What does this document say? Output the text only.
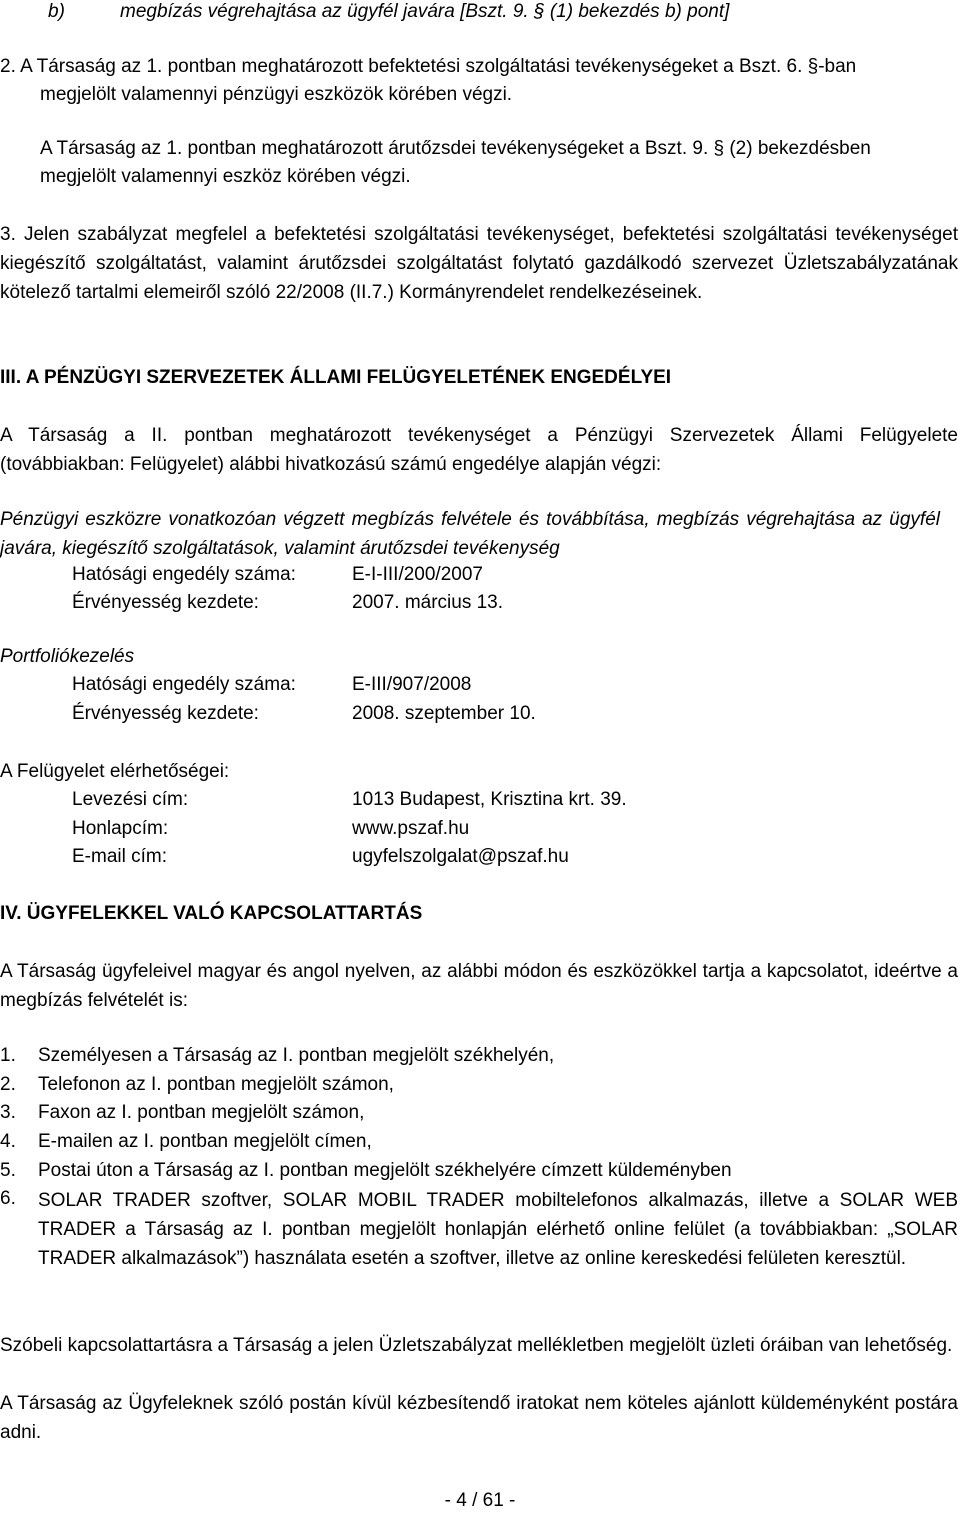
b)	megbízás végrehajtása az ügyfél javára [Bszt. 9. § (1) bekezdés b) pont]
2. A Társaság az 1. pontban meghatározott befektetési szolgáltatási tevékenységeket a Bszt. 6. §-ban
megjelölt valamennyi pénzügyi eszközök körében végzi.
A Társaság az 1. pontban meghatározott árutőzsdei tevékenységeket a Bszt. 9. § (2) bekezdésben
megjelölt valamennyi eszköz körében végzi.

3. Jelen szabályzat megfelel a befektetési szolgáltatási tevékenységet, befektetési szolgáltatási tevékenységet kiegészítő szolgáltatást, valamint árutőzsdei szolgáltatást folytató gazdálkodó szervezet Üzletszabályzatának kötelező tartalmi elemeiről szóló 22/2008 (II.7.) Kormányrendelet rendelkezéseinek.

III. A PÉNZÜGYI SZERVEZETEK ÁLLAMI FELÜGYELETÉNEK ENGEDÉLYEI

A Társaság a II. pontban meghatározott tevékenységet a Pénzügyi Szervezetek Állami Felügyelete (továbbiakban: Felügyelet) alábbi hivatkozású számú engedélye alapján végzi:

Pénzügyi eszközre vonatkozóan végzett megbízás felvétele és továbbítása, megbízás végrehajtása az ügyfél javára, kiegészítő szolgáltatások, valamint árutőzsdei tevékenység

Hatósági engedély száma:	E-I-III/200/2007
Érvényesség kezdete:	2007. március 13.
Portfoliókezelés
Hatósági engedély száma:	E-III/907/2008
Érvényesség kezdete:	2008. szeptember 10.
A Felügyelet elérhetőségei:
Levezési cím:	1013 Budapest, Krisztina krt. 39.
Honlapcím:	www.pszaf.hu
E-mail cím:	ugyfelszolgalat@pszaf.hu
IV. ÜGYFELEKKEL VALÓ KAPCSOLATTARTÁS

A Társaság ügyfeleivel magyar és angol nyelven, az alábbi módon és eszközökkel tartja a kapcsolatot, ideértve a megbízás felvételét is:

1. Személyesen a Társaság az I. pontban megjelölt székhelyén,
2. Telefonon az I. pontban megjelölt számon,
3. Faxon az I. pontban megjelölt számon,
4. E-mailen az I. pontban megjelölt címen,
5. Postai úton a Társaság az I. pontban megjelölt székhelyére címzett küldeményben
6. SOLAR TRADER szoftver, SOLAR MOBIL TRADER mobiltelefonos alkalmazás, illetve a SOLAR WEB TRADER a Társaság az I. pontban megjelölt honlapján elérhető online felület (a továbbiakban: „SOLAR TRADER alkalmazások”) használata esetén a szoftver, illetve az online kereskedési felületen keresztül.

Szóbeli kapcsolattartásra a Társaság a jelen Üzletszabályzat mellékletben megjelölt üzleti óráiban van lehetőség.

A Társaság az Ügyfeleknek szóló postán kívül kézbesítendő iratokat nem köteles ajánlott küldeményként postára adni.

- 4 / 61 -
